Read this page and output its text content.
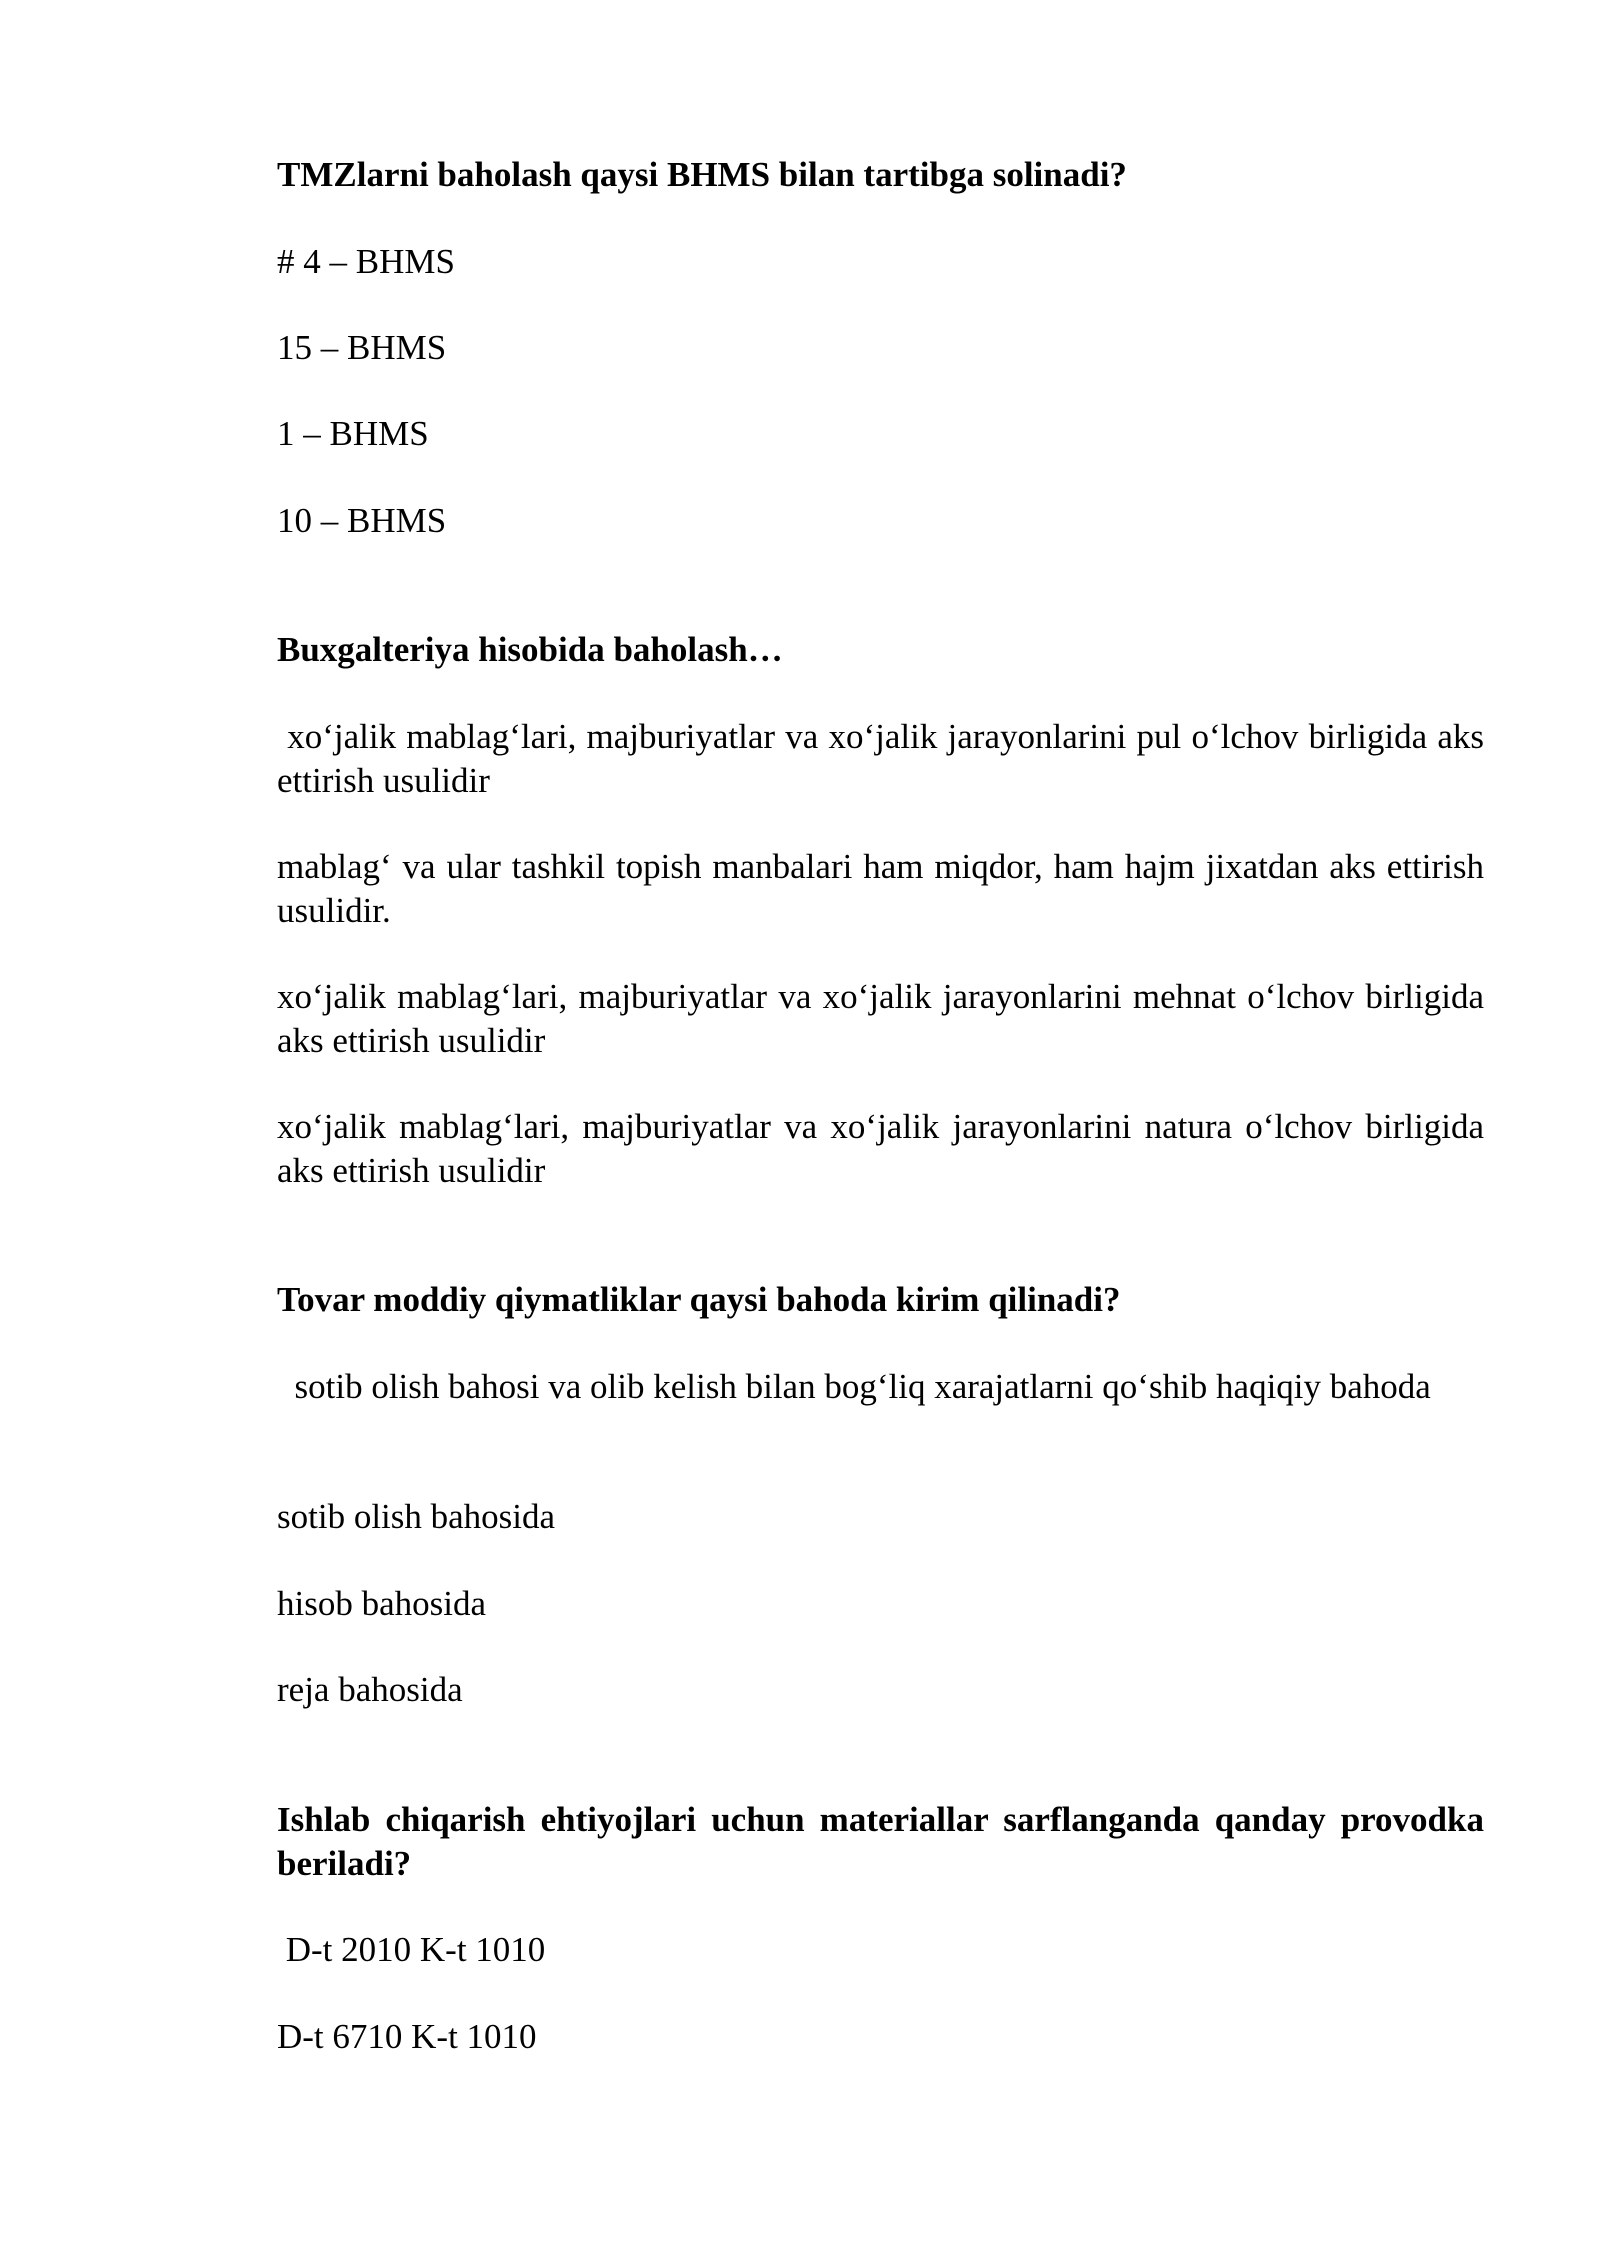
TMZlarni baholash qaysi BHMS bilan tartibga solinadi?

# 4 – BHMS

15 – BHMS

1 – BHMS

10 – BHMS

Buxgalteriya hisobida baholash…

xo‘jalik mablag‘lari, majburiyatlar va xo‘jalik jarayonlarini pul o‘lchov birligida aks ettirish usulidir

mablag‘ va ular tashkil topish manbalari ham miqdor, ham hajm jixatdan aks ettirish usulidir.

xo‘jalik mablag‘lari, majburiyatlar va xo‘jalik jarayonlarini mehnat o‘lchov birligida aks ettirish usulidir

xo‘jalik mablag‘lari, majburiyatlar va xo‘jalik jarayonlarini natura o‘lchov birligida aks ettirish usulidir

Tovar moddiy qiymatliklar qaysi bahoda kirim qilinadi?

sotib olish bahosi va olib kelish bilan bog‘liq xarajatlarni qo‘shib haqiqiy bahoda

sotib olish bahosida

hisob bahosida

reja bahosida

Ishlab chiqarish ehtiyojlari uchun materiallar sarflanganda qanday provodka beriladi?

D-t 2010 K-t 1010

D-t 6710 K-t 1010
